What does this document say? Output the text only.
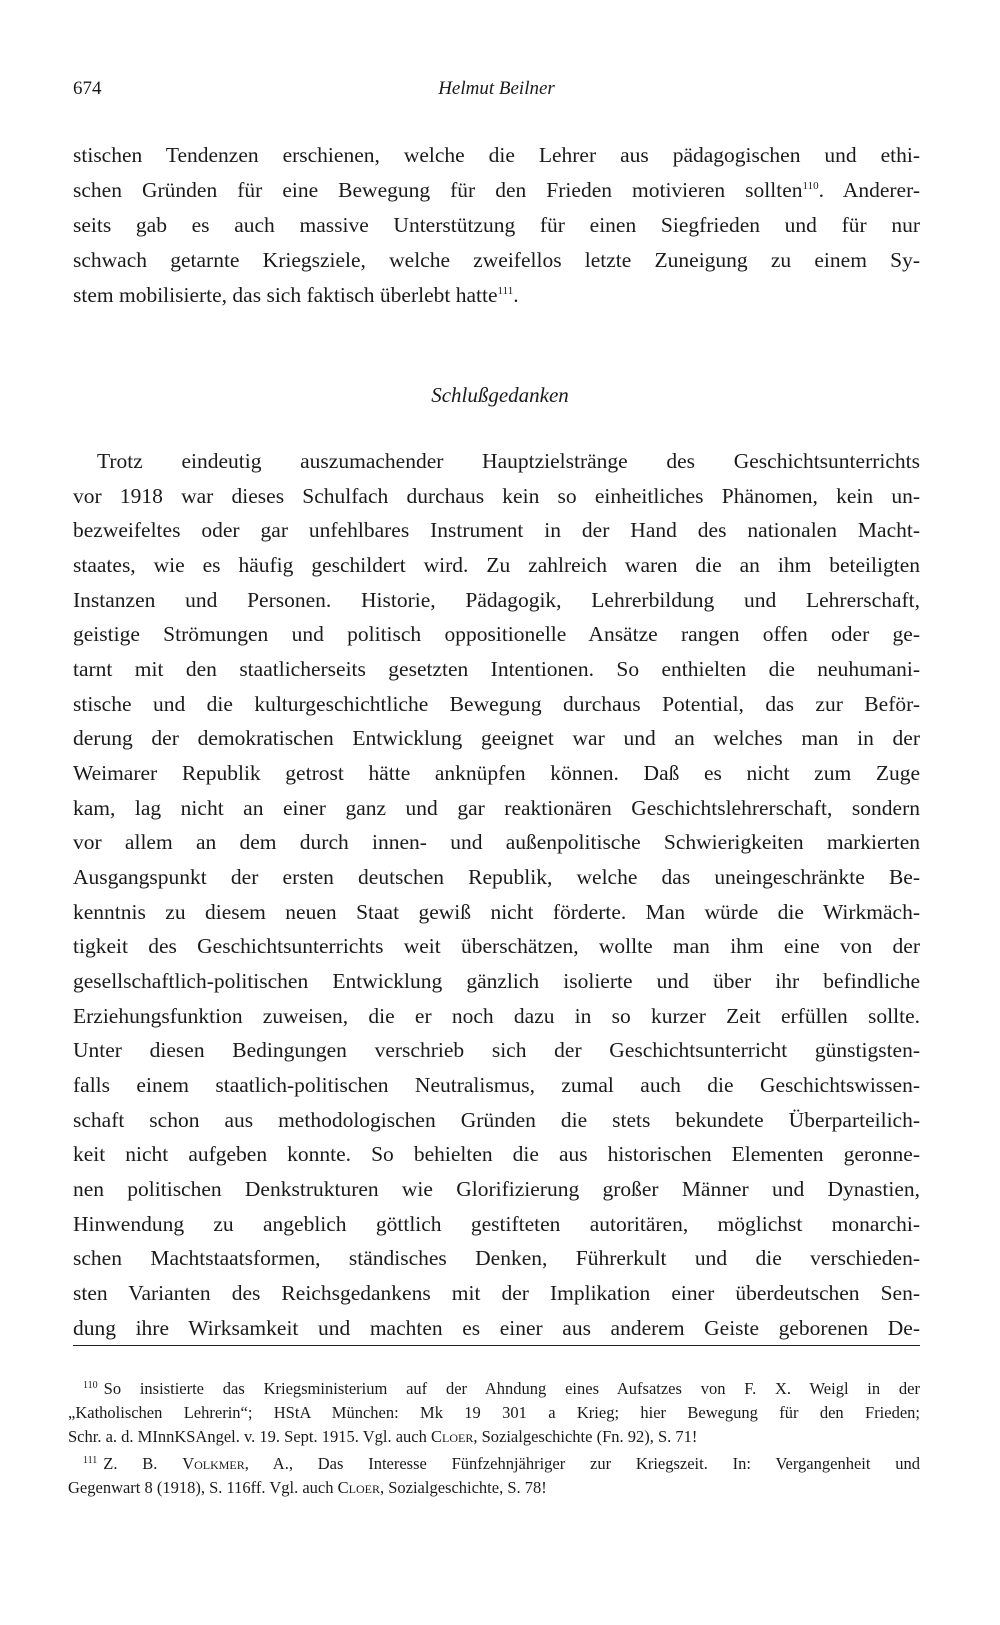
674	Helmut Beilner
stischen Tendenzen erschienen, welche die Lehrer aus pädagogischen und ethi-
schen Gründen für eine Bewegung für den Frieden motivieren sollten$^{110}$. Anderer-
seits gab es auch massive Unterstützung für einen Siegfrieden und für nur
schwach getarnte Kriegsziele, welche zweifellos letzte Zuneigung zu einem Sy-
stem mobilisierte, das sich faktisch überlebt hatte$^{111}$.
Schlußgedanken
Trotz eindeutig auszumachender Hauptzielstränge des Geschichtsunterrichts
vor 1918 war dieses Schulfach durchaus kein so einheitliches Phänomen, kein un-
bezweifeltes oder gar unfehlbares Instrument in der Hand des nationalen Macht-
staates, wie es häufig geschildert wird. Zu zahlreich waren die an ihm beteiligten
Instanzen und Personen. Historie, Pädagogik, Lehrerbildung und Lehrerschaft,
geistige Strömungen und politisch oppositionelle Ansätze rangen offen oder ge-
tarnt mit den staatlicherseits gesetzten Intentionen. So enthielten die neuhumani-
stische und die kulturgeschichtliche Bewegung durchaus Potential, das zur Beför-
derung der demokratischen Entwicklung geeignet war und an welches man in der
Weimarer Republik getrost hätte anknüpfen können. Daß es nicht zum Zuge
kam, lag nicht an einer ganz und gar reaktionären Geschichtslehrerschaft, sondern
vor allem an dem durch innen- und außenpolitische Schwierigkeiten markierten
Ausgangspunkt der ersten deutschen Republik, welche das uneingeschränkte Be-
kenntnis zu diesem neuen Staat gewiß nicht förderte. Man würde die Wirkmäch-
tigkeit des Geschichtsunterrichts weit überschätzen, wollte man ihm eine von der
gesellschaftlich-politischen Entwicklung gänzlich isolierte und über ihr befindliche
Erziehungsfunktion zuweisen, die er noch dazu in so kurzer Zeit erfüllen sollte.
Unter diesen Bedingungen verschrieb sich der Geschichtsunterricht günstigsten-
falls einem staatlich-politischen Neutralismus, zumal auch die Geschichtswissen-
schaft schon aus methodologischen Gründen die stets bekundete Überparteilich-
keit nicht aufgeben konnte. So behielten die aus historischen Elementen geronne-
nen politischen Denkstrukturen wie Glorifizierung großer Männer und Dynastien,
Hinwendung zu angeblich göttlich gestifteten autoritären, möglichst monarchi-
schen Machtstaatsformen, ständisches Denken, Führerkult und die verschieden-
sten Varianten des Reichsgedankens mit der Implikation einer überdeutschen Sen-
dung ihre Wirksamkeit und machten es einer aus anderem Geiste geborenen De-
$^{110}$ So insistierte das Kriegsministerium auf der Ahndung eines Aufsatzes von F. X. Weigl in der
„Katholischen Lehrerin“; HStA München: Mk 19 301 a Krieg; hier Bewegung für den Frieden;
Schr. a. d. MInnKSAngel. v. 19. Sept. 1915. Vgl. auch Cloer, Sozialgeschichte (Fn. 92), S. 71!
$^{111}$ Z. B. Volkmer, A., Das Interesse Fünfzehnjähriger zur Kriegszeit. In: Vergangenheit und
Gegenwart 8 (1918), S. 116ff. Vgl. auch Cloer, Sozialgeschichte, S. 78!
